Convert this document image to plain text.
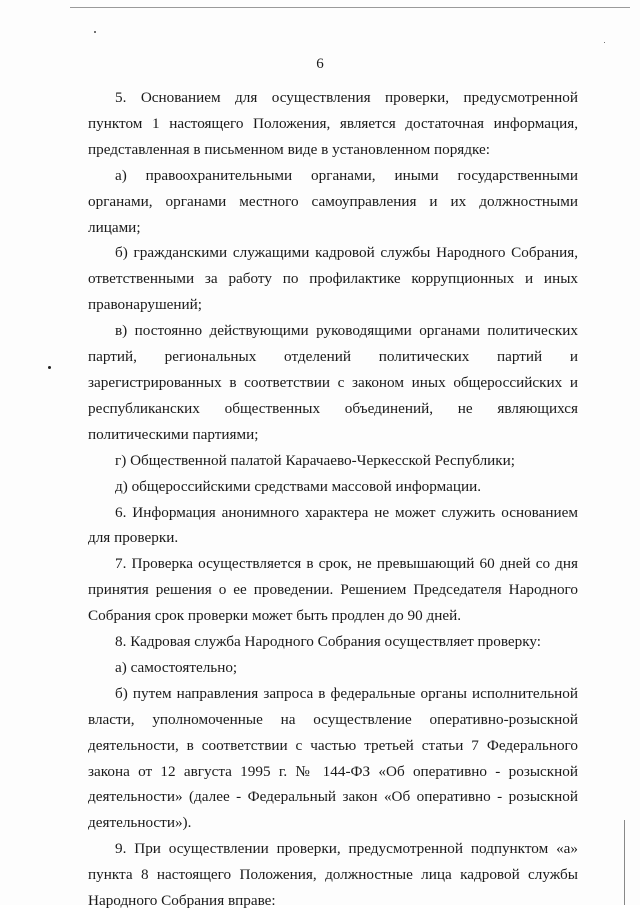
6

5. Основанием для осуществления проверки, предусмотренной пунктом 1 настоящего Положения, является достаточная информация, представленная в письменном виде в установленном порядке:

а) правоохранительными органами, иными государственными органами, органами местного самоуправления и их должностными лицами;

б) гражданскими служащими кадровой службы Народного Собрания, ответственными за работу по профилактике коррупционных и иных правонарушений;

в) постоянно действующими руководящими органами политических партий, региональных отделений политических партий и зарегистрированных в соответствии с законом иных общероссийских и республиканских общественных объединений, не являющихся политическими партиями;

г) Общественной палатой Карачаево-Черкесской Республики;

д) общероссийскими средствами массовой информации.

6. Информация анонимного характера не может служить основанием для проверки.

7. Проверка осуществляется в срок, не превышающий 60 дней со дня принятия решения о ее проведении. Решением Председателя Народного Собрания срок проверки может быть продлен до 90 дней.

8. Кадровая служба Народного Собрания осуществляет проверку:

а) самостоятельно;

б) путем направления запроса в федеральные органы исполнительной власти, уполномоченные на осуществление оперативно-розыскной деятельности, в соответствии с частью третьей статьи 7 Федерального закона от 12 августа 1995 г. № 144-ФЗ «Об оперативно - розыскной деятельности» (далее - Федеральный закон «Об оперативно - розыскной деятельности»).

9. При осуществлении проверки, предусмотренной подпунктом «а» пункта 8 настоящего Положения, должностные лица кадровой службы Народного Собрания вправе:
